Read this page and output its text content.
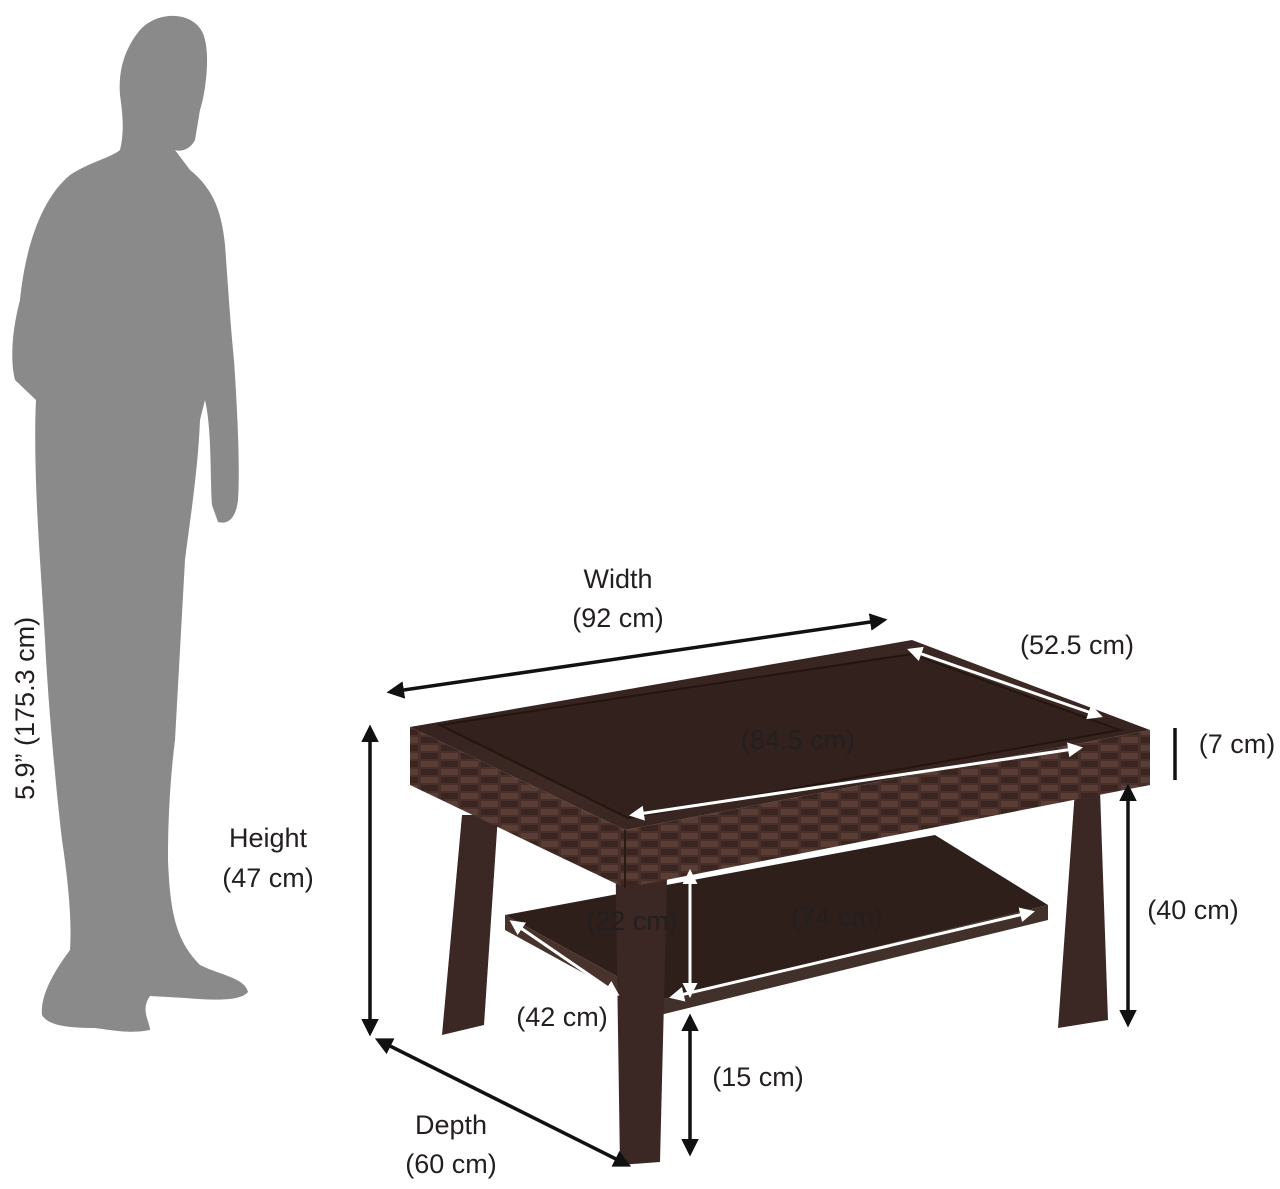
5.9” (175.3 cm)
Width
(92 cm)
(52.5 cm)
(84.5 cm)	(7 cm)
Height
(47 cm)
(40 cm)
(22 cm)	(74 cm)
(42 cm)
(15 cm)
Depth
(60 cm)
